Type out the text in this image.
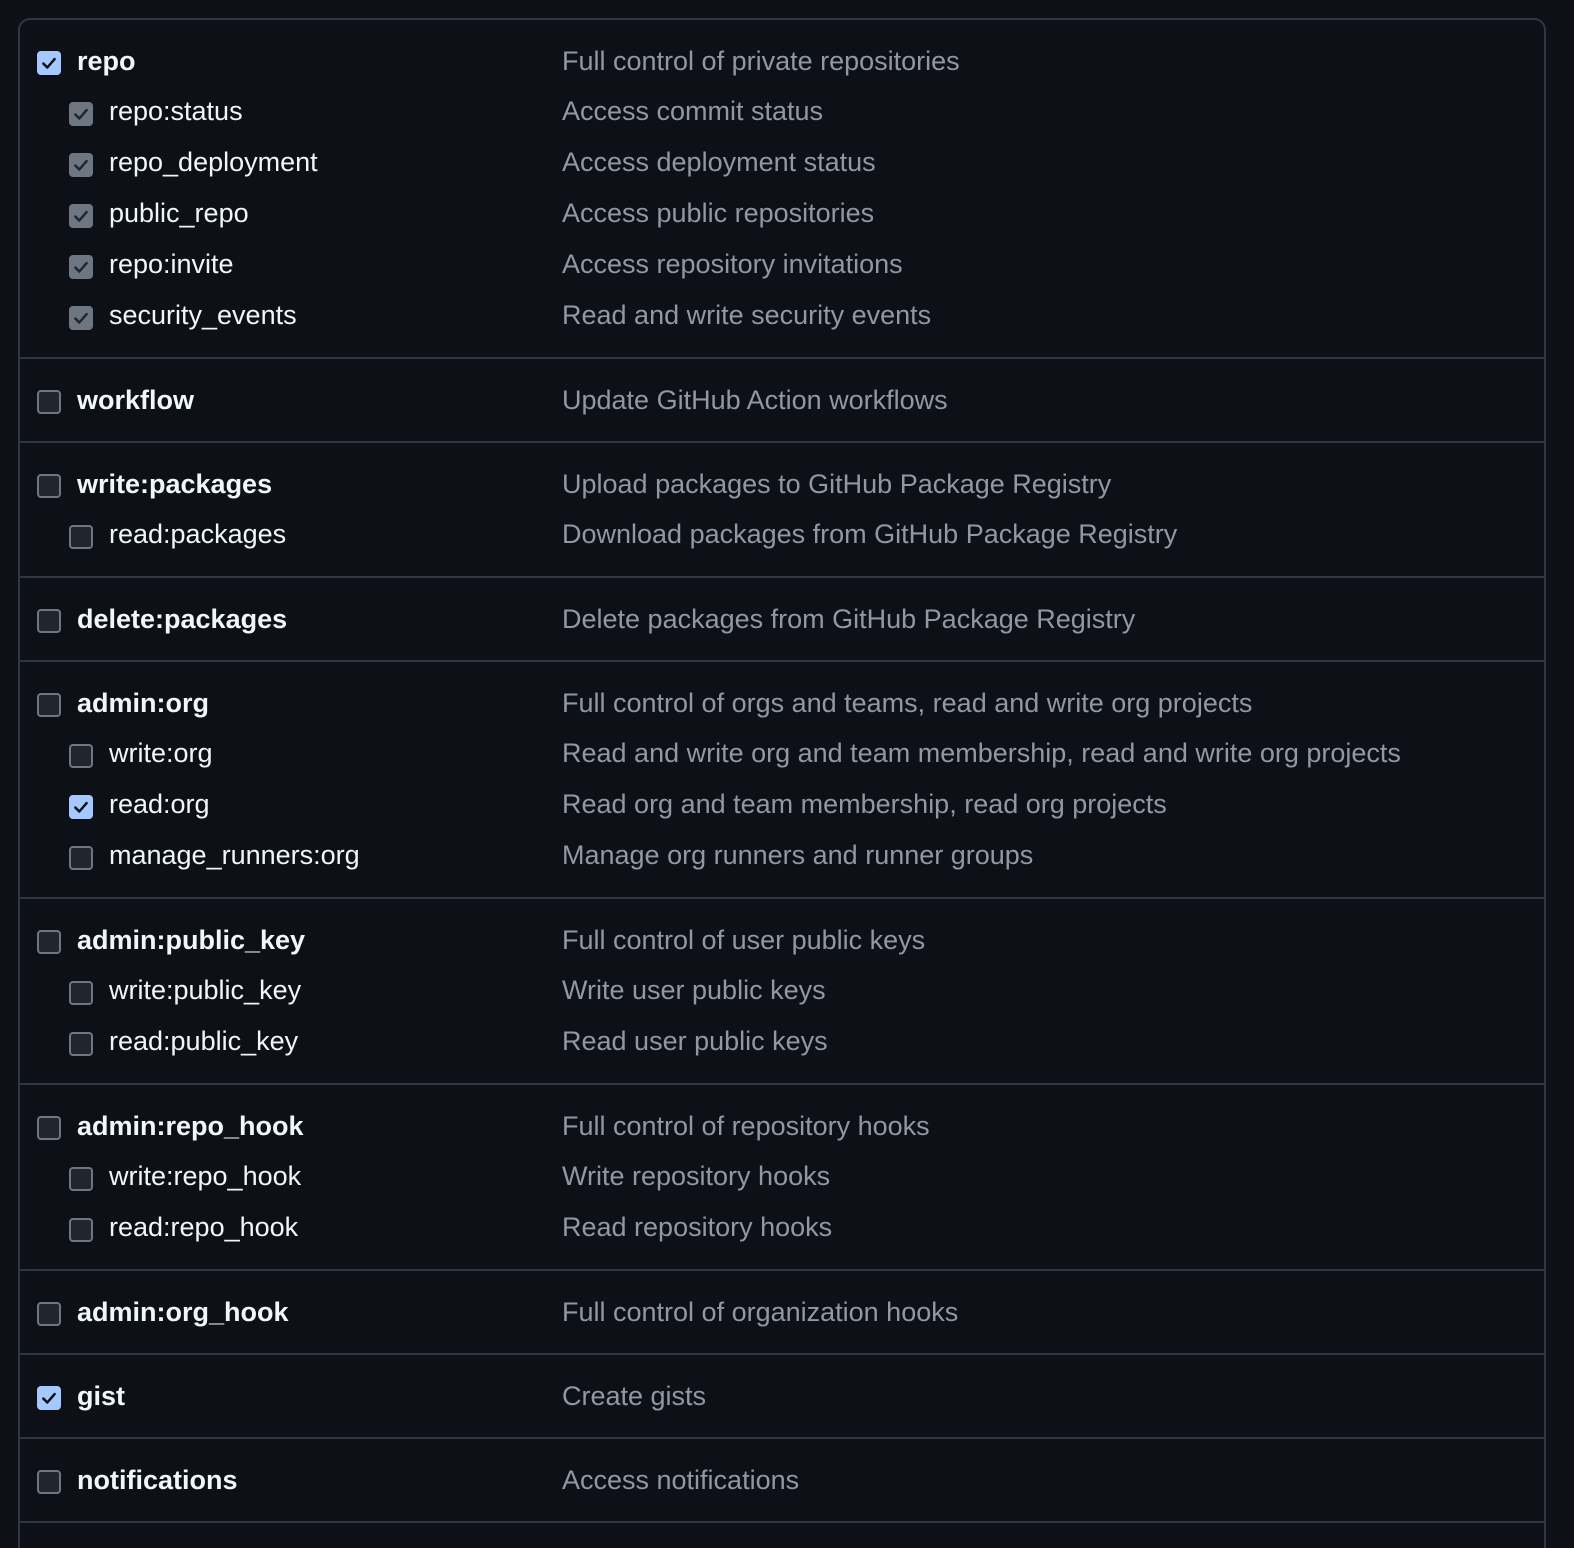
repo	Full control of private repositories
repo:status	Access commit status
repo_deployment	Access deployment status
public_repo	Access public repositories
repo:invite	Access repository invitations
security_events	Read and write security events
workflow	Update GitHub Action workflows
write:packages	Upload packages to GitHub Package Registry
read:packages	Download packages from GitHub Package Registry
delete:packages	Delete packages from GitHub Package Registry
admin:org	Full control of orgs and teams, read and write org projects
write:org	Read and write org and team membership, read and write org projects
read:org	Read org and team membership, read org projects
manage_runners:org	Manage org runners and runner groups
admin:public_key	Full control of user public keys
write:public_key	Write user public keys
read:public_key	Read user public keys
admin:repo_hook	Full control of repository hooks
write:repo_hook	Write repository hooks
read:repo_hook	Read repository hooks
admin:org_hook	Full control of organization hooks
gist	Create gists
notifications	Access notifications
